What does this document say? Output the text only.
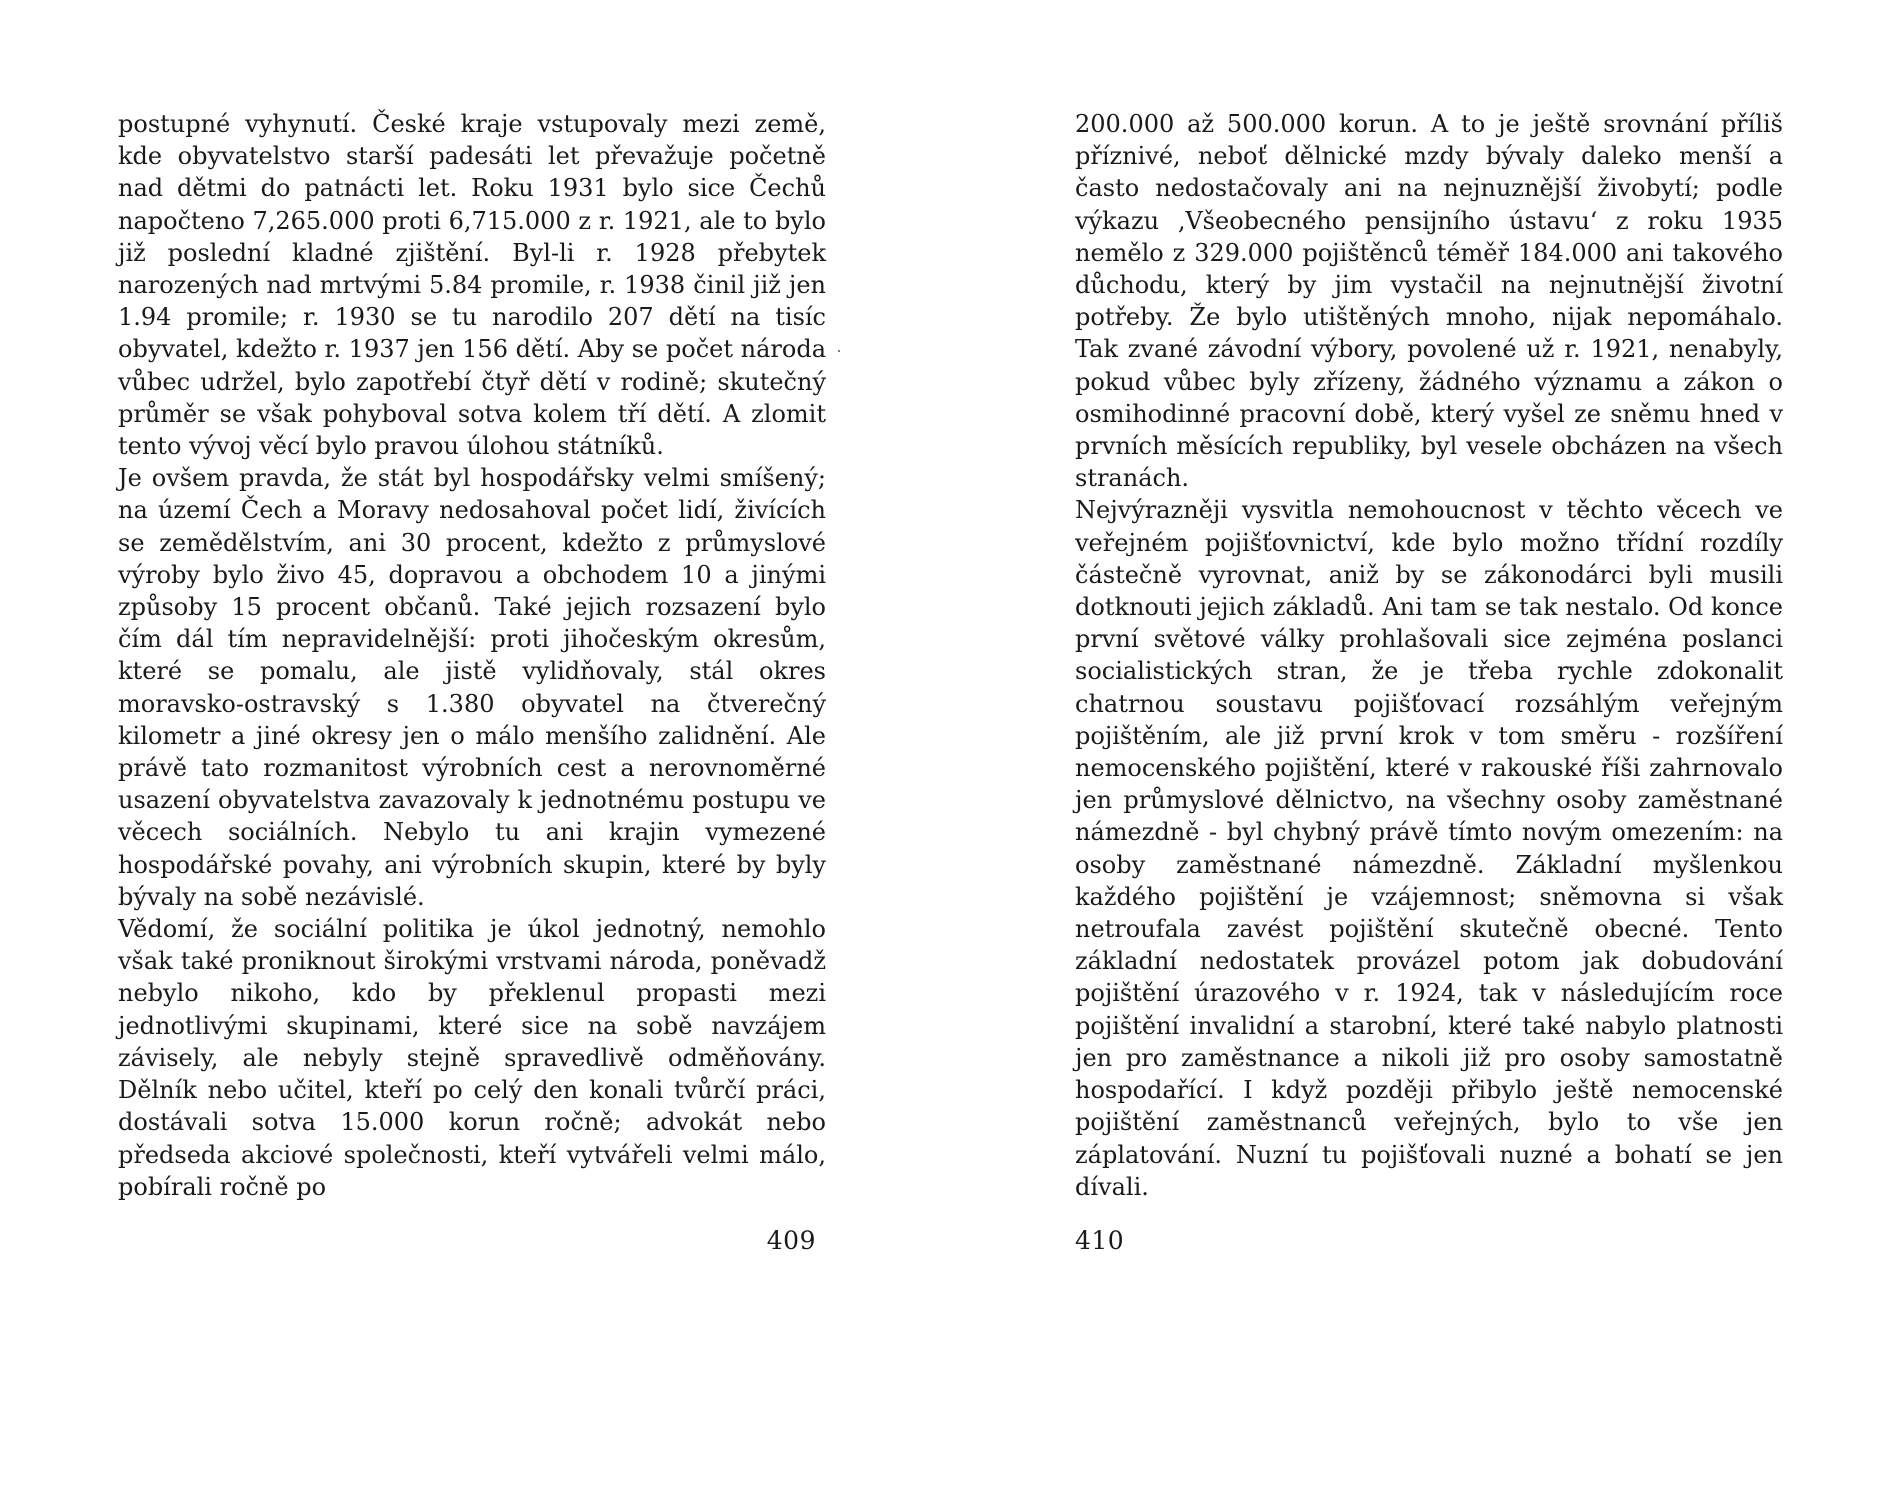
postupné vyhynutí. České kraje vstupovaly mezi země, kde obyvatelstvo starší padesáti let převažuje početně nad dětmi do patnácti let. Roku 1931 bylo sice Čechů napočteno 7,265.000 proti 6,715.000 z r. 1921, ale to bylo již poslední kladné zjištění. Byl-li r. 1928 přebytek narozených nad mrtvými 5.84 promile, r. 1938 činil již jen 1.94 promile; r. 1930 se tu narodilo 207 dětí na tisíc obyvatel, kdežto r. 1937 jen 156 dětí. Aby se počet národa vůbec udržel, bylo zapotřebí čtyř dětí v rodině; skutečný průměr se však pohyboval sotva kolem tří dětí. A zlomit tento vývoj věcí bylo pravou úlohou státníků.

Je ovšem pravda, že stát byl hospodářsky velmi smíšený; na území Čech a Moravy nedosahoval počet lidí, živících se zemědělstvím, ani 30 procent, kdežto z průmyslové výroby bylo živo 45, dopravou a obchodem 10 a jinými způsoby 15 procent občanů. Také jejich rozsazení bylo čím dál tím nepravidelnější: proti jihočeským okresům, které se pomalu, ale jistě vylidňovaly, stál okres moravsko-ostravský s 1.380 obyvatel na čtverečný kilometr a jiné okresy jen o málo menšího zalidnění. Ale právě tato rozmanitost výrobních cest a nerovnoměrné usazení obyvatelstva zavazovaly k jednotnému postupu ve věcech sociálních. Nebylo tu ani krajin vymezené hospodářské povahy, ani výrobních skupin, které by byly bývaly na sobě nezávislé.

Vědomí, že sociální politika je úkol jednotný, nemohlo však také proniknout širokými vrstvami národa, poněvadž nebylo nikoho, kdo by překlenul propasti mezi jednotlivými skupinami, které sice na sobě navzájem závisely, ale nebyly stejně spravedlivě odměňovány. Dělník nebo učitel, kteří po celý den konali tvůrčí práci, dostávali sotva 15.000 korun ročně; advokát nebo předseda akciové společnosti, kteří vytvářeli velmi málo, pobírali ročně po

409

200.000 až 500.000 korun. A to je ještě srovnání příliš příznivé, neboť dělnické mzdy bývaly daleko menší a často nedostačovaly ani na nejnuznější živobytí; podle výkazu ‚Všeobecného pensijního ústavu‘ z roku 1935 nemělo z 329.000 pojištěnců téměř 184.000 ani takového důchodu, který by jim vystačil na nejnutnější životní potřeby. Že bylo utištěných mnoho, nijak nepomáhalo. Tak zvané závodní výbory, povolené už r. 1921, nenabyly, pokud vůbec byly zřízeny, žádného významu a zákon o osmihodinné pracovní době, který vyšel ze sněmu hned v prvních měsících republiky, byl vesele obcházen na všech stranách.

Nejvýrazněji vysvitla nemohoucnost v těchto věcech ve veřejném pojišťovnictví, kde bylo možno třídní rozdíly částečně vyrovnat, aniž by se zákonodárci byli musili dotknouti jejich základů. Ani tam se tak nestalo. Od konce první světové války prohlašovali sice zejména poslanci socialistických stran, že je třeba rychle zdokonalit chatrnou soustavu pojišťovací rozsáhlým veřejným pojištěním, ale již první krok v tom směru - rozšíření nemocenského pojištění, které v rakouské říši zahrnovalo jen průmyslové dělnictvo, na všechny osoby zaměstnané námezdně - byl chybný právě tímto novým omezením: na osoby zaměstnané námezdně. Základní myšlenkou každého pojištění je vzájemnost; sněmovna si však netroufala zavést pojištění skutečně obecné. Tento základní nedostatek provázel potom jak dobudování pojištění úrazového v r. 1924, tak v následujícím roce pojištění invalidní a starobní, které také nabylo platnosti jen pro zaměstnance a nikoli již pro osoby samostatně hospodařící. I když později přibylo ještě nemocenské pojištění zaměstnanců veřejných, bylo to vše jen záplatování. Nuzní tu pojišťovali nuzné a bohatí se jen dívali.

410
